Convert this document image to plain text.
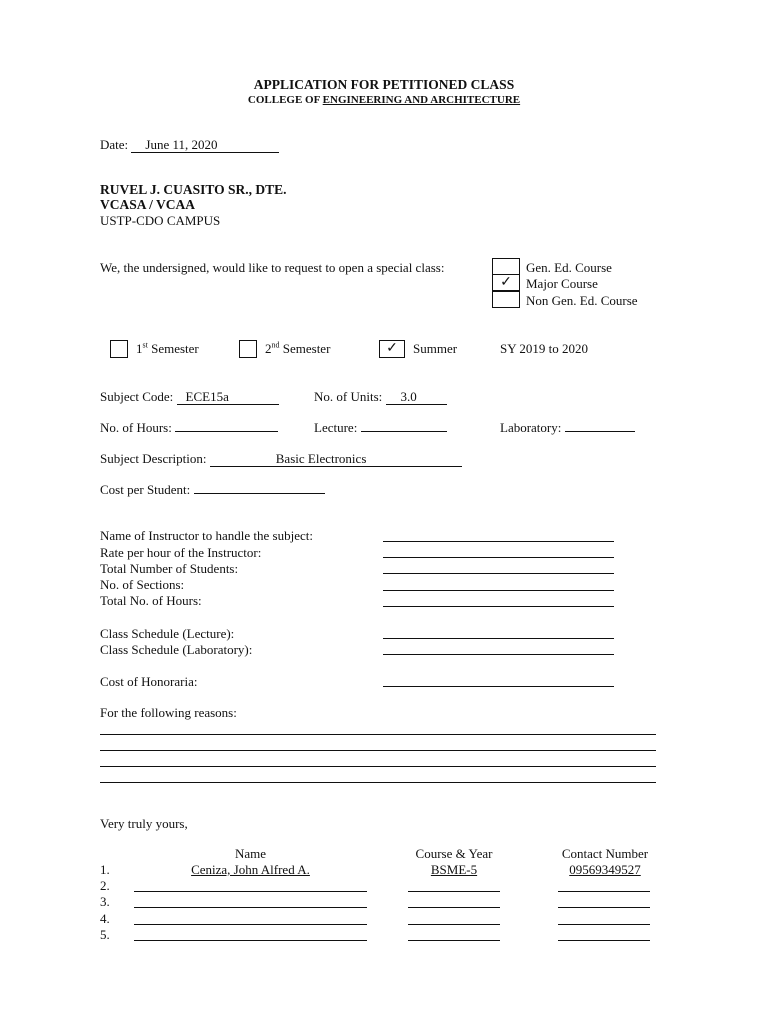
APPLICATION FOR PETITIONED CLASS
COLLEGE OF ENGINEERING AND ARCHITECTURE
Date: June 11, 2020
RUVEL J. CUASITO SR., DTE.
VCASA / VCAA
USTP-CDO CAMPUS
We, the undersigned, would like to request to open a special class:
✓
Gen. Ed. Course
Major Course
Non Gen. Ed. Course
1st Semester	2nd Semester	✓	Summer	SY 2019 to 2020
Subject Code: ECE15a	No. of Units: 3.0
No. of Hours:	Lecture:	Laboratory:
Subject Description:	Basic Electronics
Cost per Student:
Name of Instructor to handle the subject:
Rate per hour of the Instructor:
Total Number of Students:
No. of Sections:
Total No. of Hours:
Class Schedule (Lecture):
Class Schedule (Laboratory):
Cost of Honoraria:
For the following reasons:
Very truly yours,
Name	Course & Year	Contact Number
1.	Ceniza, John Alfred A.	BSME-5	09569349527
2.
3.
4.
5.
